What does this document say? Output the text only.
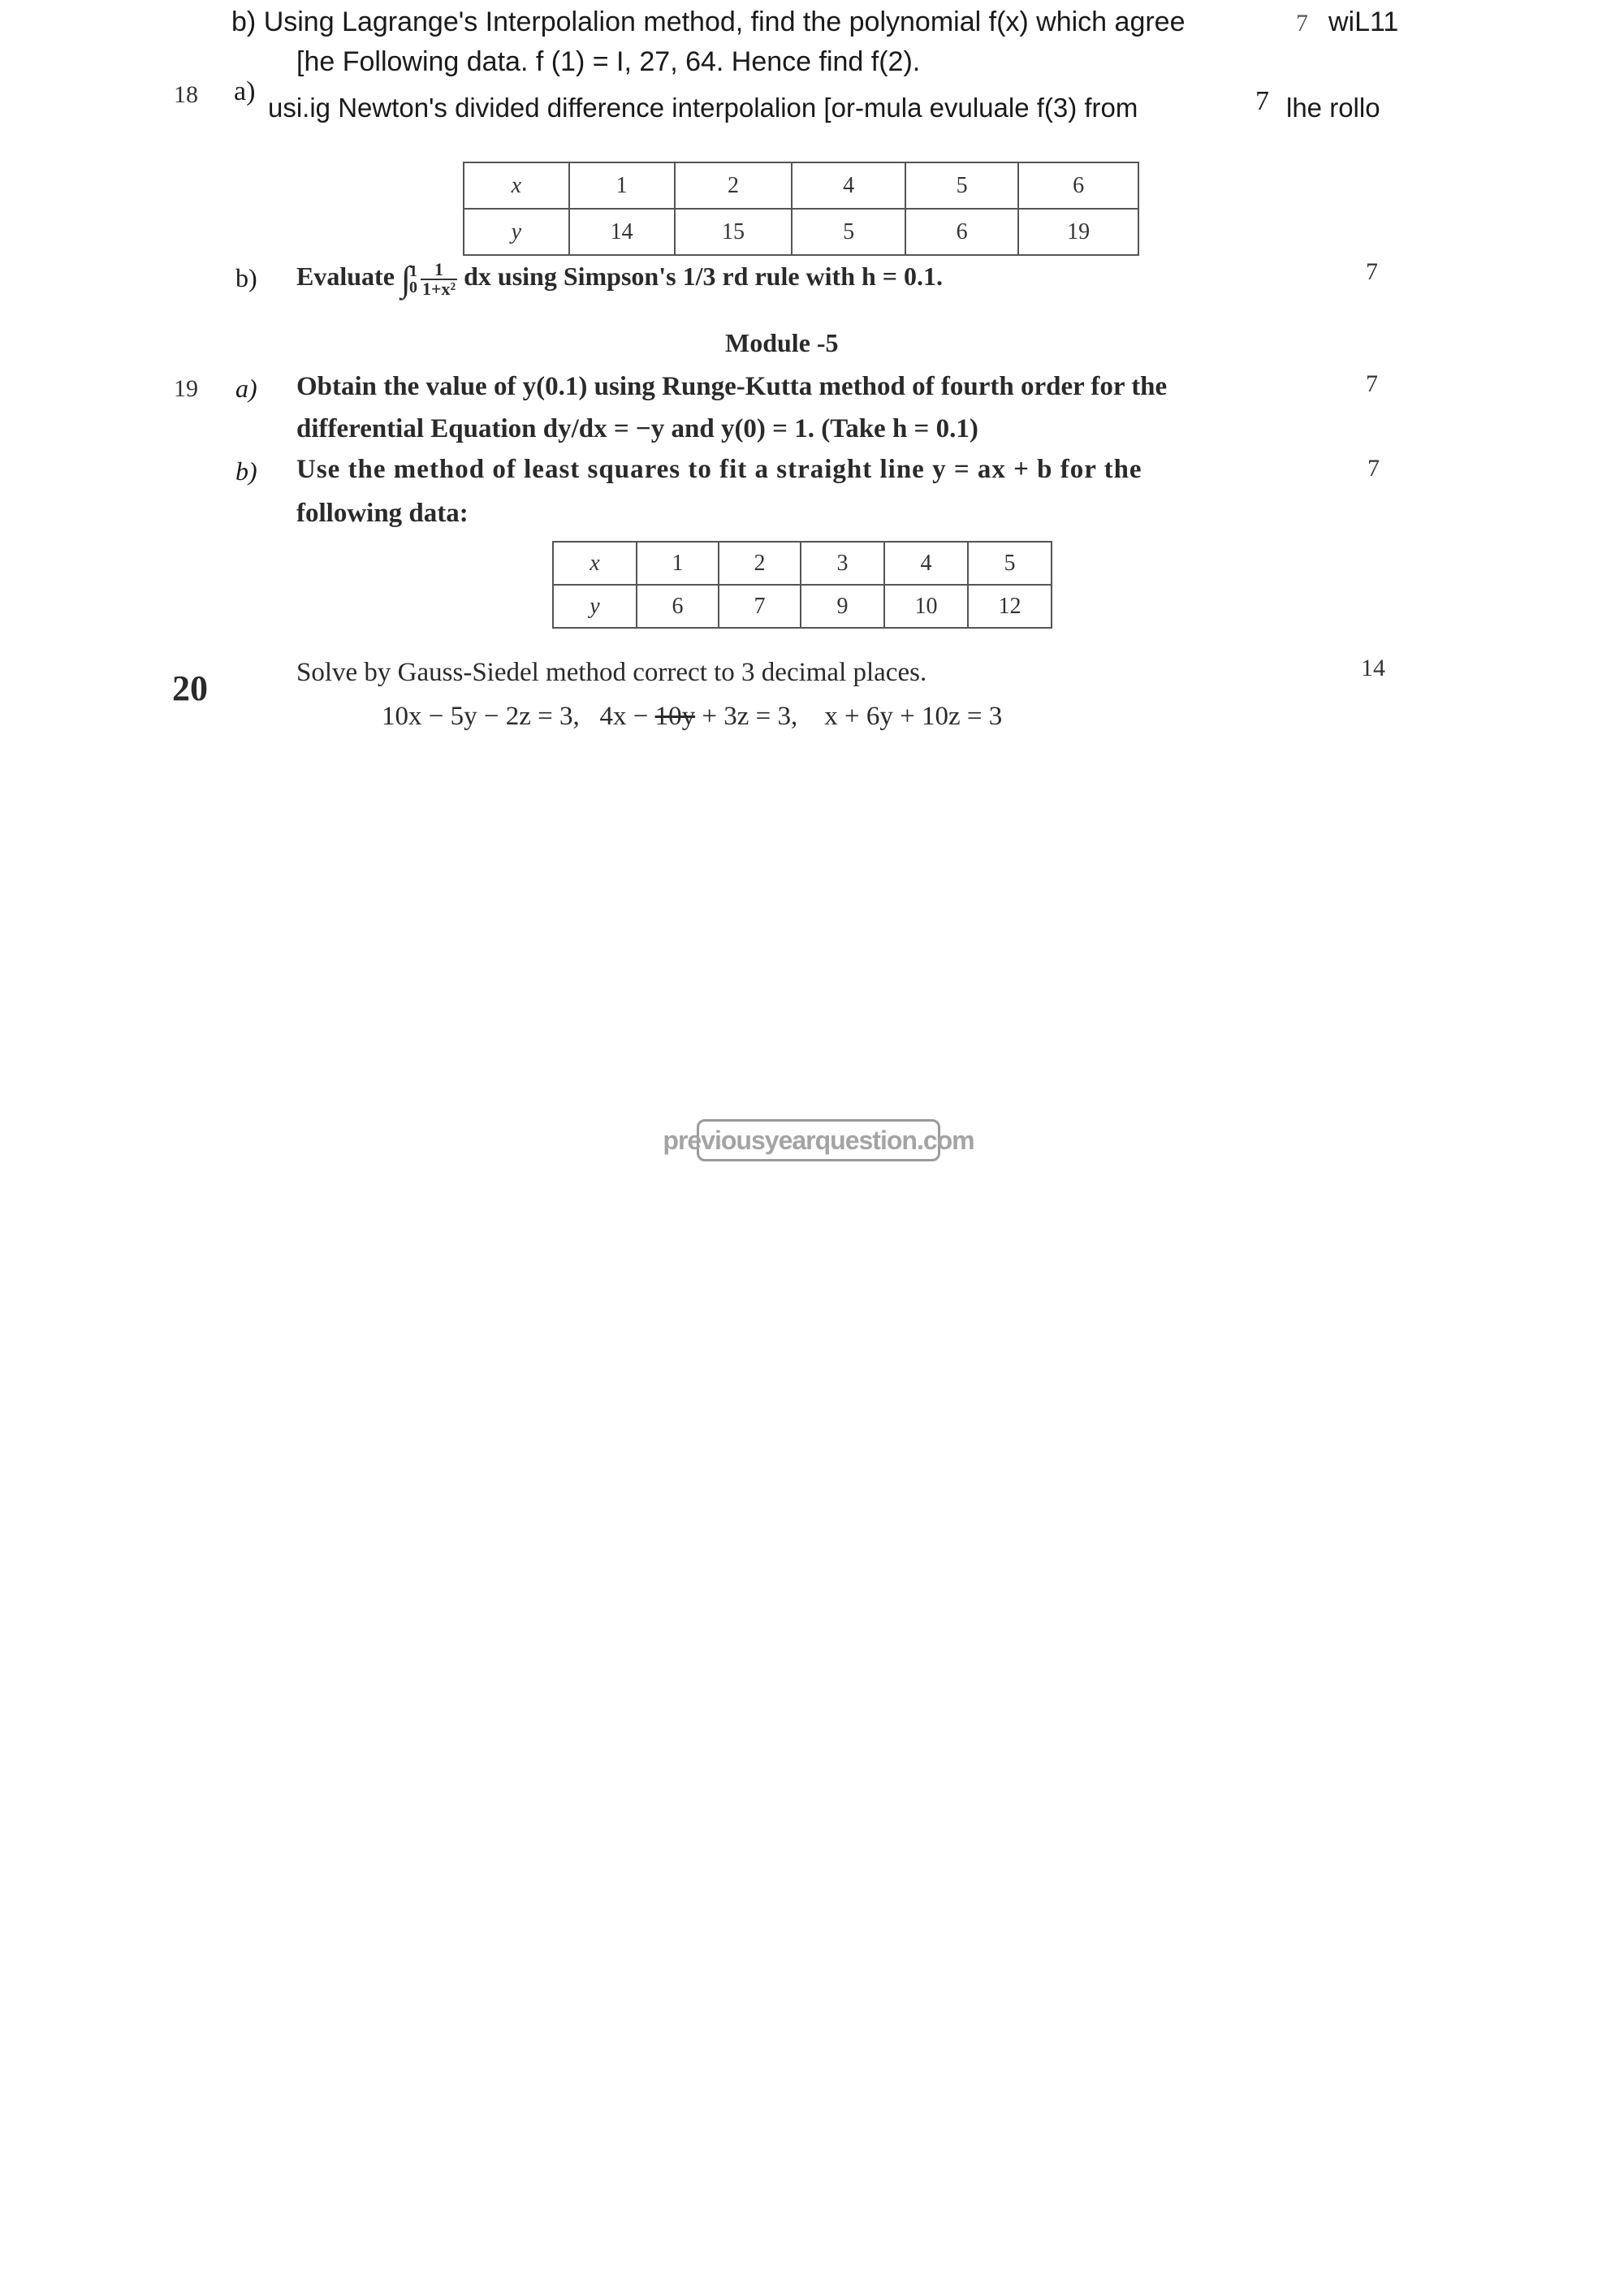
b) Using Lagrange's Interpolalion method, find the polynomial f(x) which agree	7 wiL11
[he Following data. f (1) = I, 27, 64. Hence find f(2).
18 a)
usi.ig Newton's divided difference interpolalion [or-mula evuluale f(3) from	7 lhe rollo
x	1	2	4	5	6
y	14	15	5	6	19
b) Evaluate ∫
1
$0 \frac{1}{\text{1+x²}}$ dx using Simpson's 1/3 rd rule with h = 0.1.	7
Module -5
19 a) Obtain the value of y(0.1) using Runge-Kutta method of fourth order for the	7
differential Equation dy/dx = −y and y(0) = 1. (Take h = 0.1)
b) Use the method of least squares to fit a straight line y = ax + b for the	7
following data:
x	1	2	3	4	5
y	6	7	9	10	12
20	Solve by Gauss-Siedel method correct to 3 decimal places.	14
10x − 5y − 2z = 3, 4x − 10y + 3z = 3, x + 6y + 10z = 3
previousyearquestion.com
